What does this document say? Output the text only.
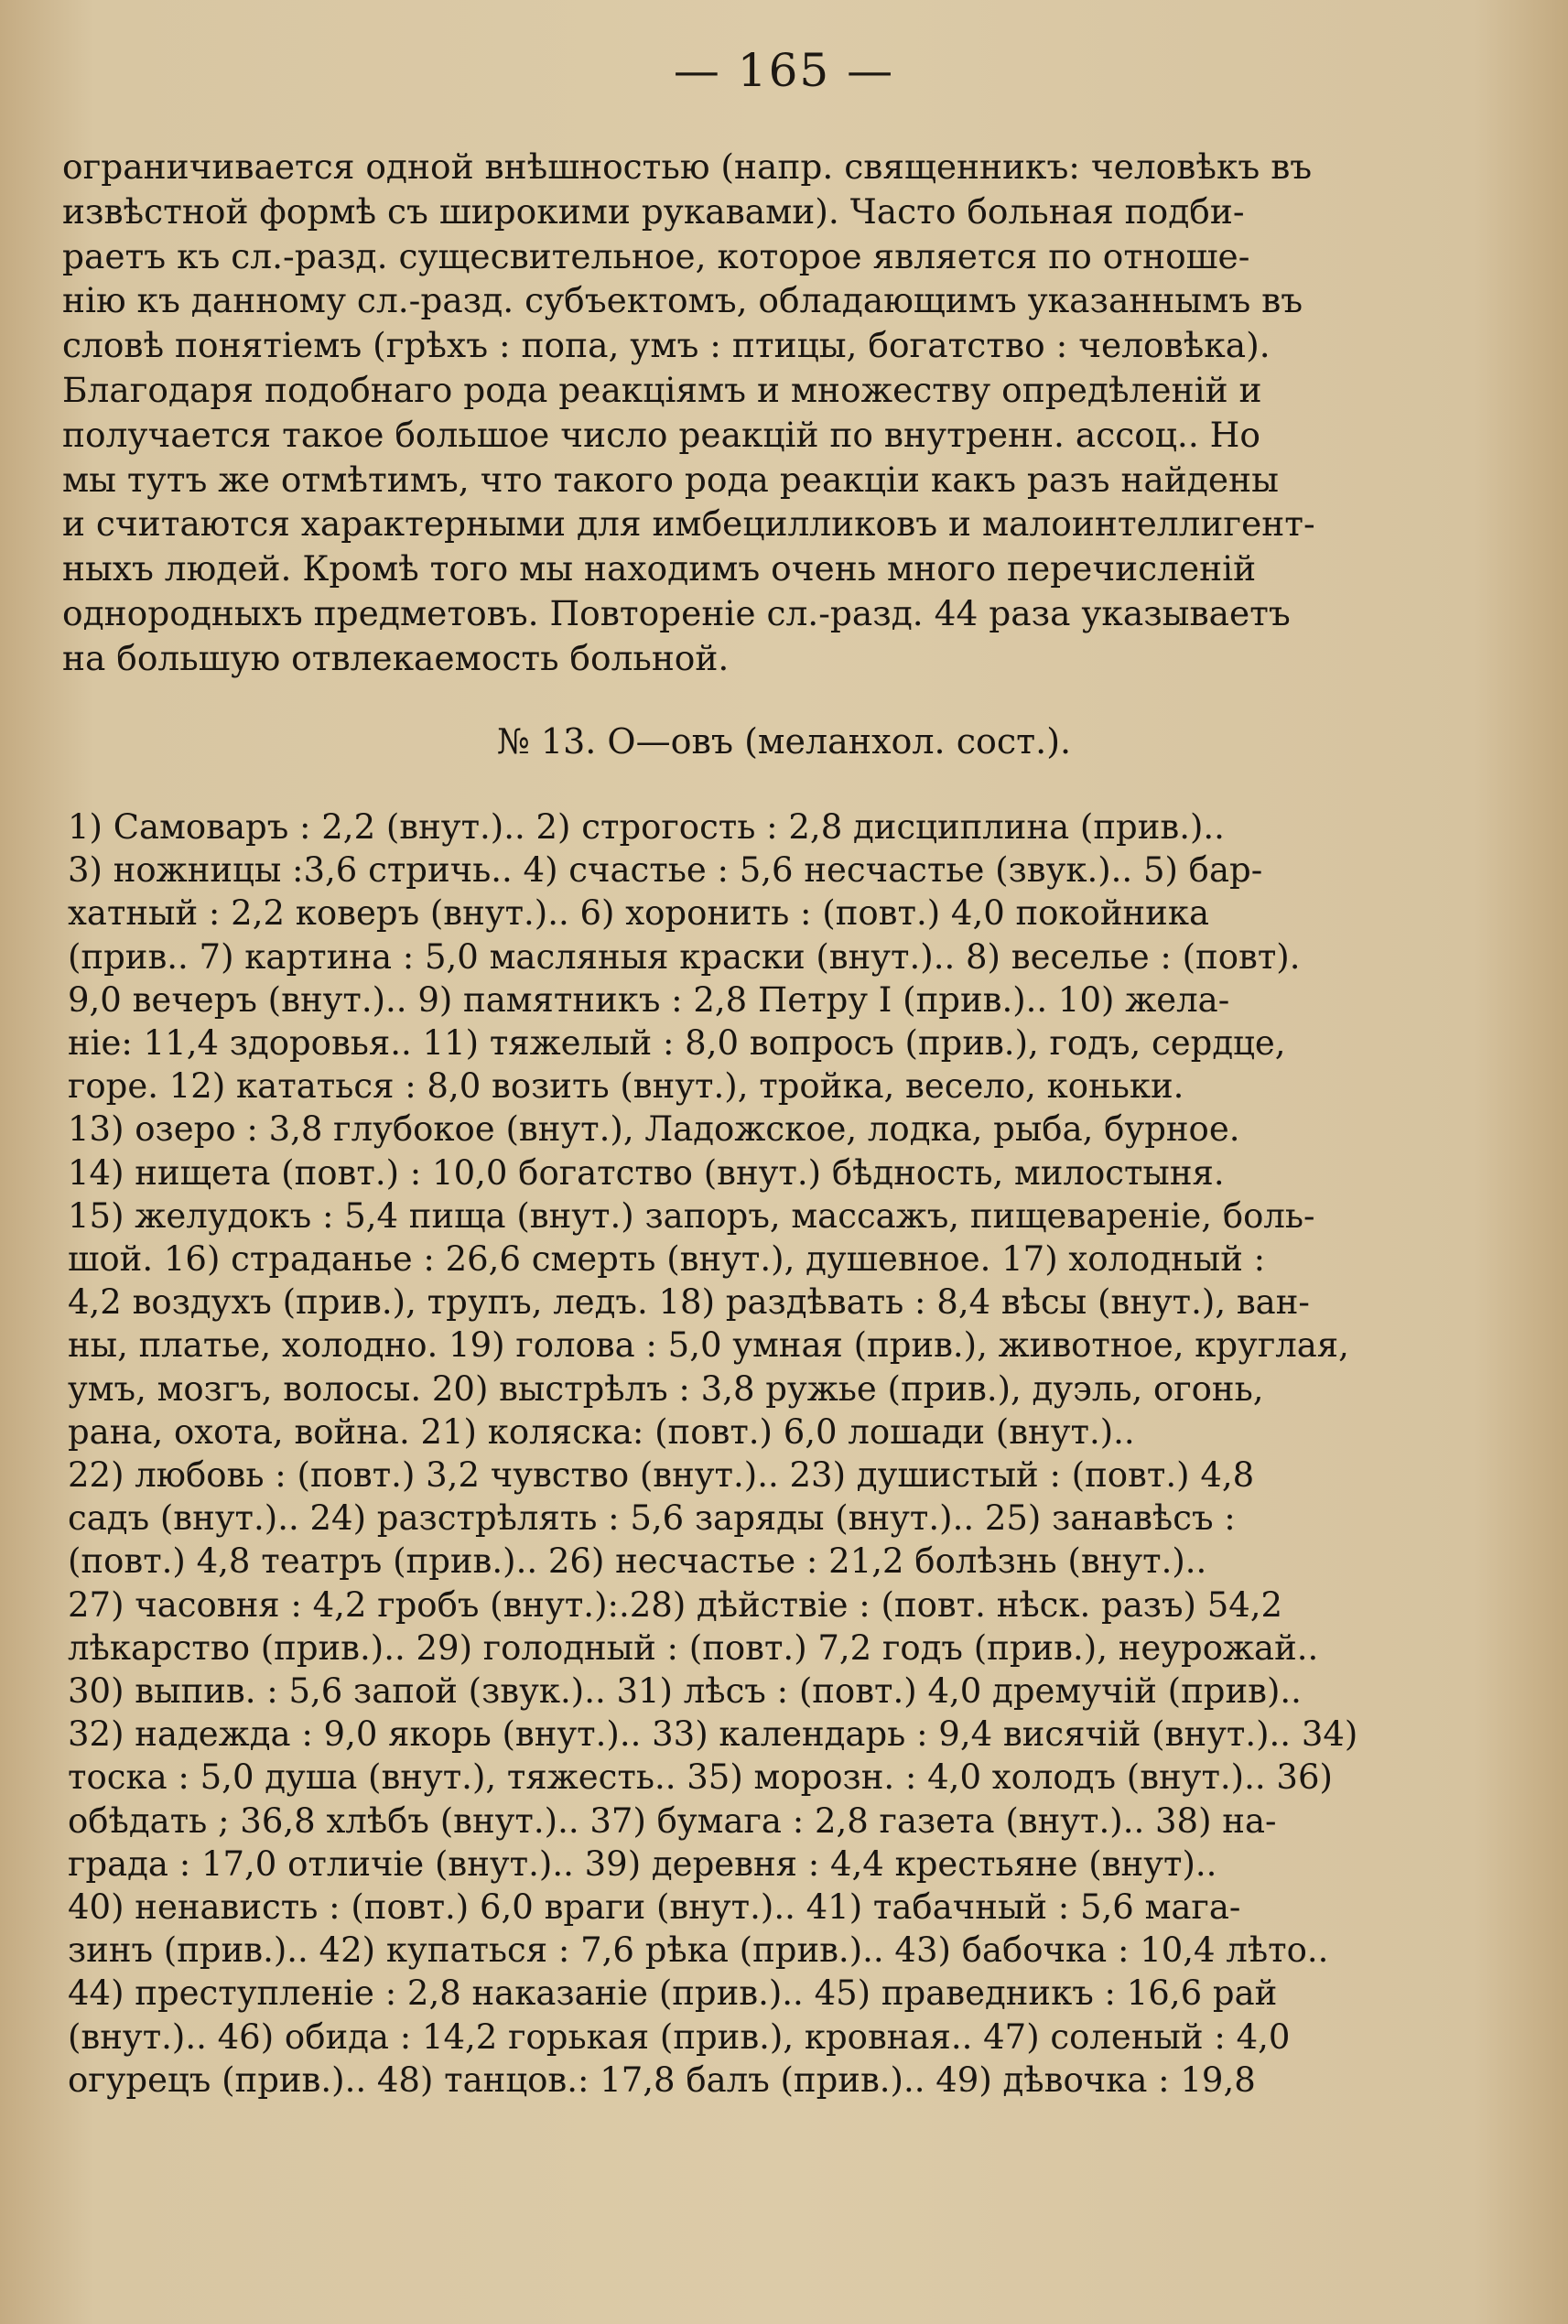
— 165 —
ограничивается одной внѣшностью (напр. священникъ: человѣкъ въ
извѣстной формѣ съ широкими рукавами). Часто больная подби-
раетъ къ сл.-разд. сущесвительное, которое является по отноше-
нію къ данному сл.-разд. субъектомъ, обладающимъ указаннымъ въ
словѣ понятіемъ (грѣхъ : попа, умъ : птицы, богатство : человѣка).
Благодаря подобнаго рода реакціямъ и множеству опредѣленій и
получается такое большое число реакцій по внутренн. ассоц.. Но
мы тутъ же отмѣтимъ, что такого рода реакціи какъ разъ найдены
и считаются характерными для имбецилликовъ и малоинтеллигент-
ныхъ людей. Кромѣ того мы находимъ очень много перечисленій
однородныхъ предметовъ. Повтореніе сл.-разд. 44 раза указываетъ
на большую отвлекаемость больной.
№ 13. О—овъ (меланхол. сост.).
1) Самоваръ : 2,2 (внут.).. 2) строгость : 2,8 дисциплина (прив.)..
3) ножницы :3,6 стричь.. 4) счастье : 5,6 несчастье (звук.).. 5) бар-
хатный : 2,2 коверъ (внут.).. 6) хоронить : (повт.) 4,0 покойника
(прив.. 7) картина : 5,0 масляныя краски (внут.).. 8) веселье : (повт).
9,0 вечеръ (внут.).. 9) памятникъ : 2,8 Петру I (прив.).. 10) жела-
ніе: 11,4 здоровья.. 11) тяжелый : 8,0 вопросъ (прив.), годъ, сердце,
горе. 12) кататься : 8,0 возить (внут.), тройка, весело, коньки.
13) озеро : 3,8 глубокое (внут.), Ладожское, лодка, рыба, бурное.
14) нищета (повт.) : 10,0 богатство (внут.) бѣдность, милостыня.
15) желудокъ : 5,4 пища (внут.) запоръ, массажъ, пищевареніе, боль-
шой. 16) страданье : 26,6 смерть (внут.), душевное. 17) холодный :
4,2 воздухъ (прив.), трупъ, ледъ. 18) раздѣвать : 8,4 вѣсы (внут.), ван-
ны, платье, холодно. 19) голова : 5,0 умная (прив.), животное, круглая,
умъ, мозгъ, волосы. 20) выстрѣлъ : 3,8 ружье (прив.), дуэль, огонь,
рана, охота, война. 21) коляска: (повт.) 6,0 лошади (внут.)..
22) любовь : (повт.) 3,2 чувство (внут.).. 23) душистый : (повт.) 4,8
садъ (внут.).. 24) разстрѣлять : 5,6 заряды (внут.).. 25) занавѣсъ :
(повт.) 4,8 театръ (прив.).. 26) несчастье : 21,2 болѣзнь (внут.)..
27) часовня : 4,2 гробъ (внут.):.28) дѣйствіе : (повт. нѣск. разъ) 54,2
лѣкарство (прив.).. 29) голодный : (повт.) 7,2 годъ (прив.), неурожай..
30) выпив. : 5,6 запой (звук.).. 31) лѣсъ : (повт.) 4,0 дремучій (прив)..
32) надежда : 9,0 якорь (внут.).. 33) календарь : 9,4 висячій (внут.).. 34)
тоска : 5,0 душа (внут.), тяжесть.. 35) морозн. : 4,0 холодъ (внут.).. 36)
обѣдать ; 36,8 хлѣбъ (внут.).. 37) бумага : 2,8 газета (внут.).. 38) на-
града : 17,0 отличіе (внут.).. 39) деревня : 4,4 крестьяне (внут)..
40) ненависть : (повт.) 6,0 враги (внут.).. 41) табачный : 5,6 мага-
зинъ (прив.).. 42) купаться : 7,6 рѣка (прив.).. 43) бабочка : 10,4 лѣто..
44) преступленіе : 2,8 наказаніе (прив.).. 45) праведникъ : 16,6 рай
(внут.).. 46) обида : 14,2 горькая (прив.), кровная.. 47) соленый : 4,0
огурецъ (прив.).. 48) танцов.: 17,8 балъ (прив.).. 49) дѣвочка : 19,8
